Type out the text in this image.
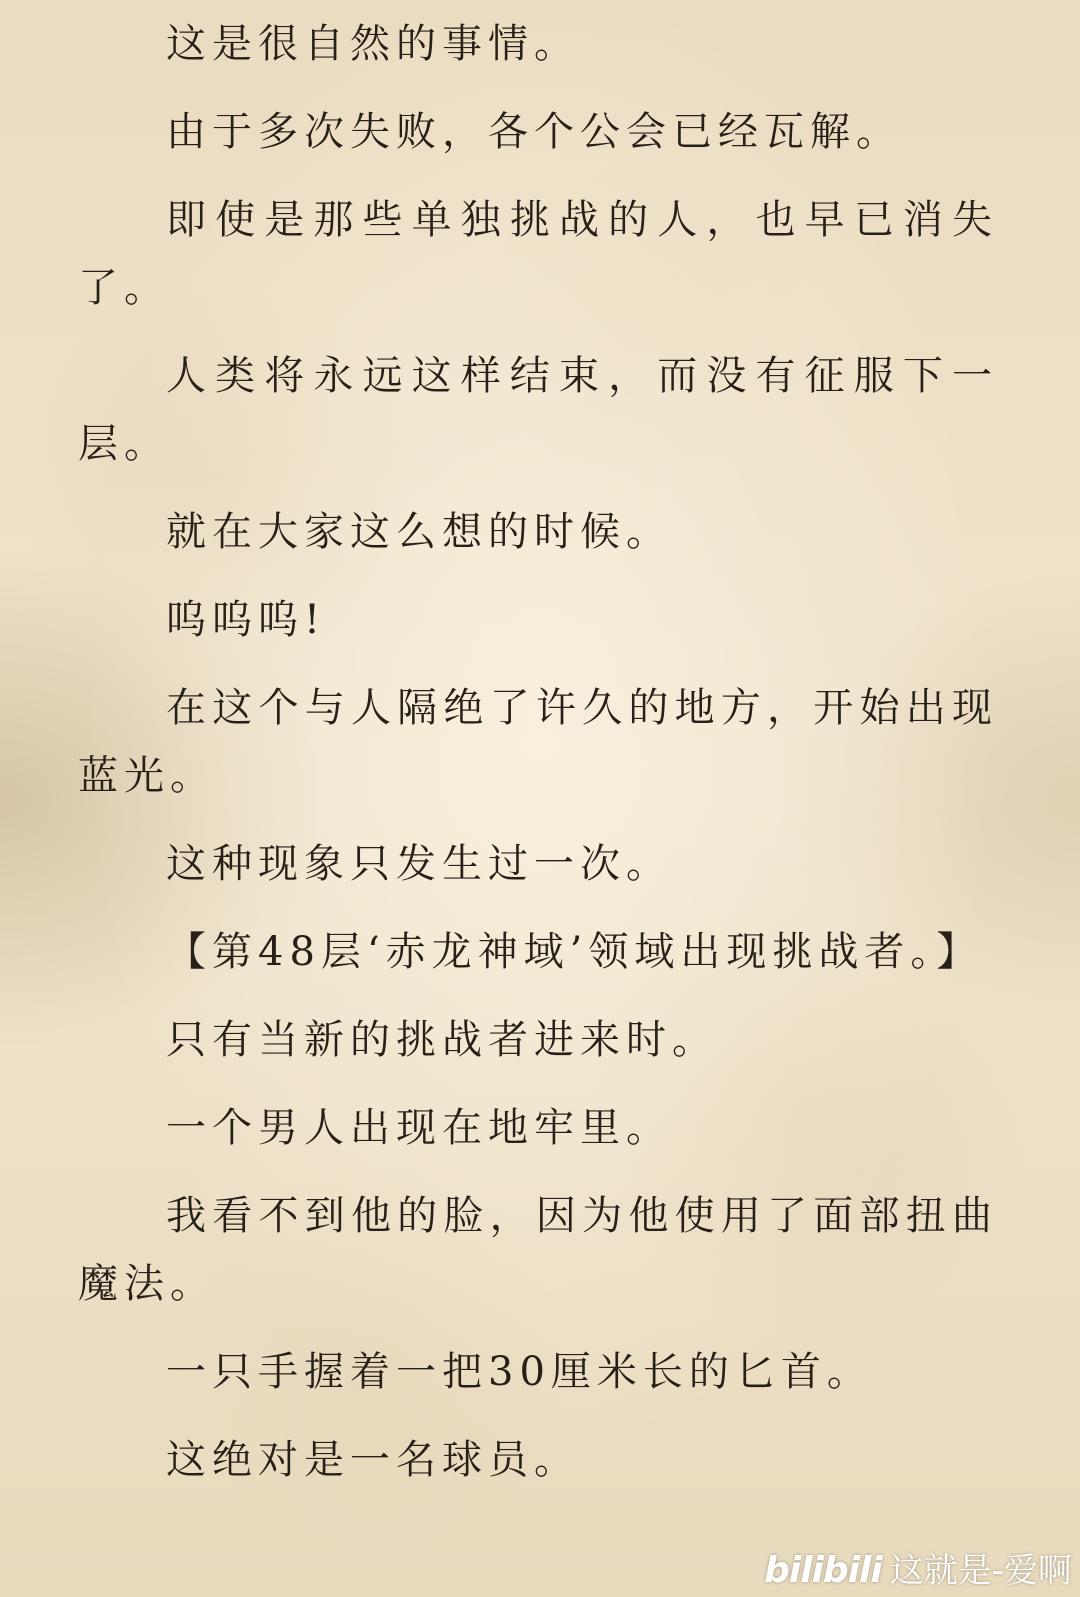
这是很自然的事情。

由于多次失败，各个公会已经瓦解。

即使是那些单独挑战的人，也早已消失了。

人类将永远这样结束，而没有征服下一层。

就在大家这么想的时候。

呜呜呜!

在这个与人隔绝了许久的地方，开始出现蓝光。

这种现象只发生过一次。

【第48层‘赤龙神域’领域出现挑战者。】

只有当新的挑战者进来时。

一个男人出现在地牢里。

我看不到他的脸，因为他使用了面部扭曲魔法。

一只手握着一把30厘米长的匕首。

这绝对是一名球员。

bilibili 这就是-爱啊
